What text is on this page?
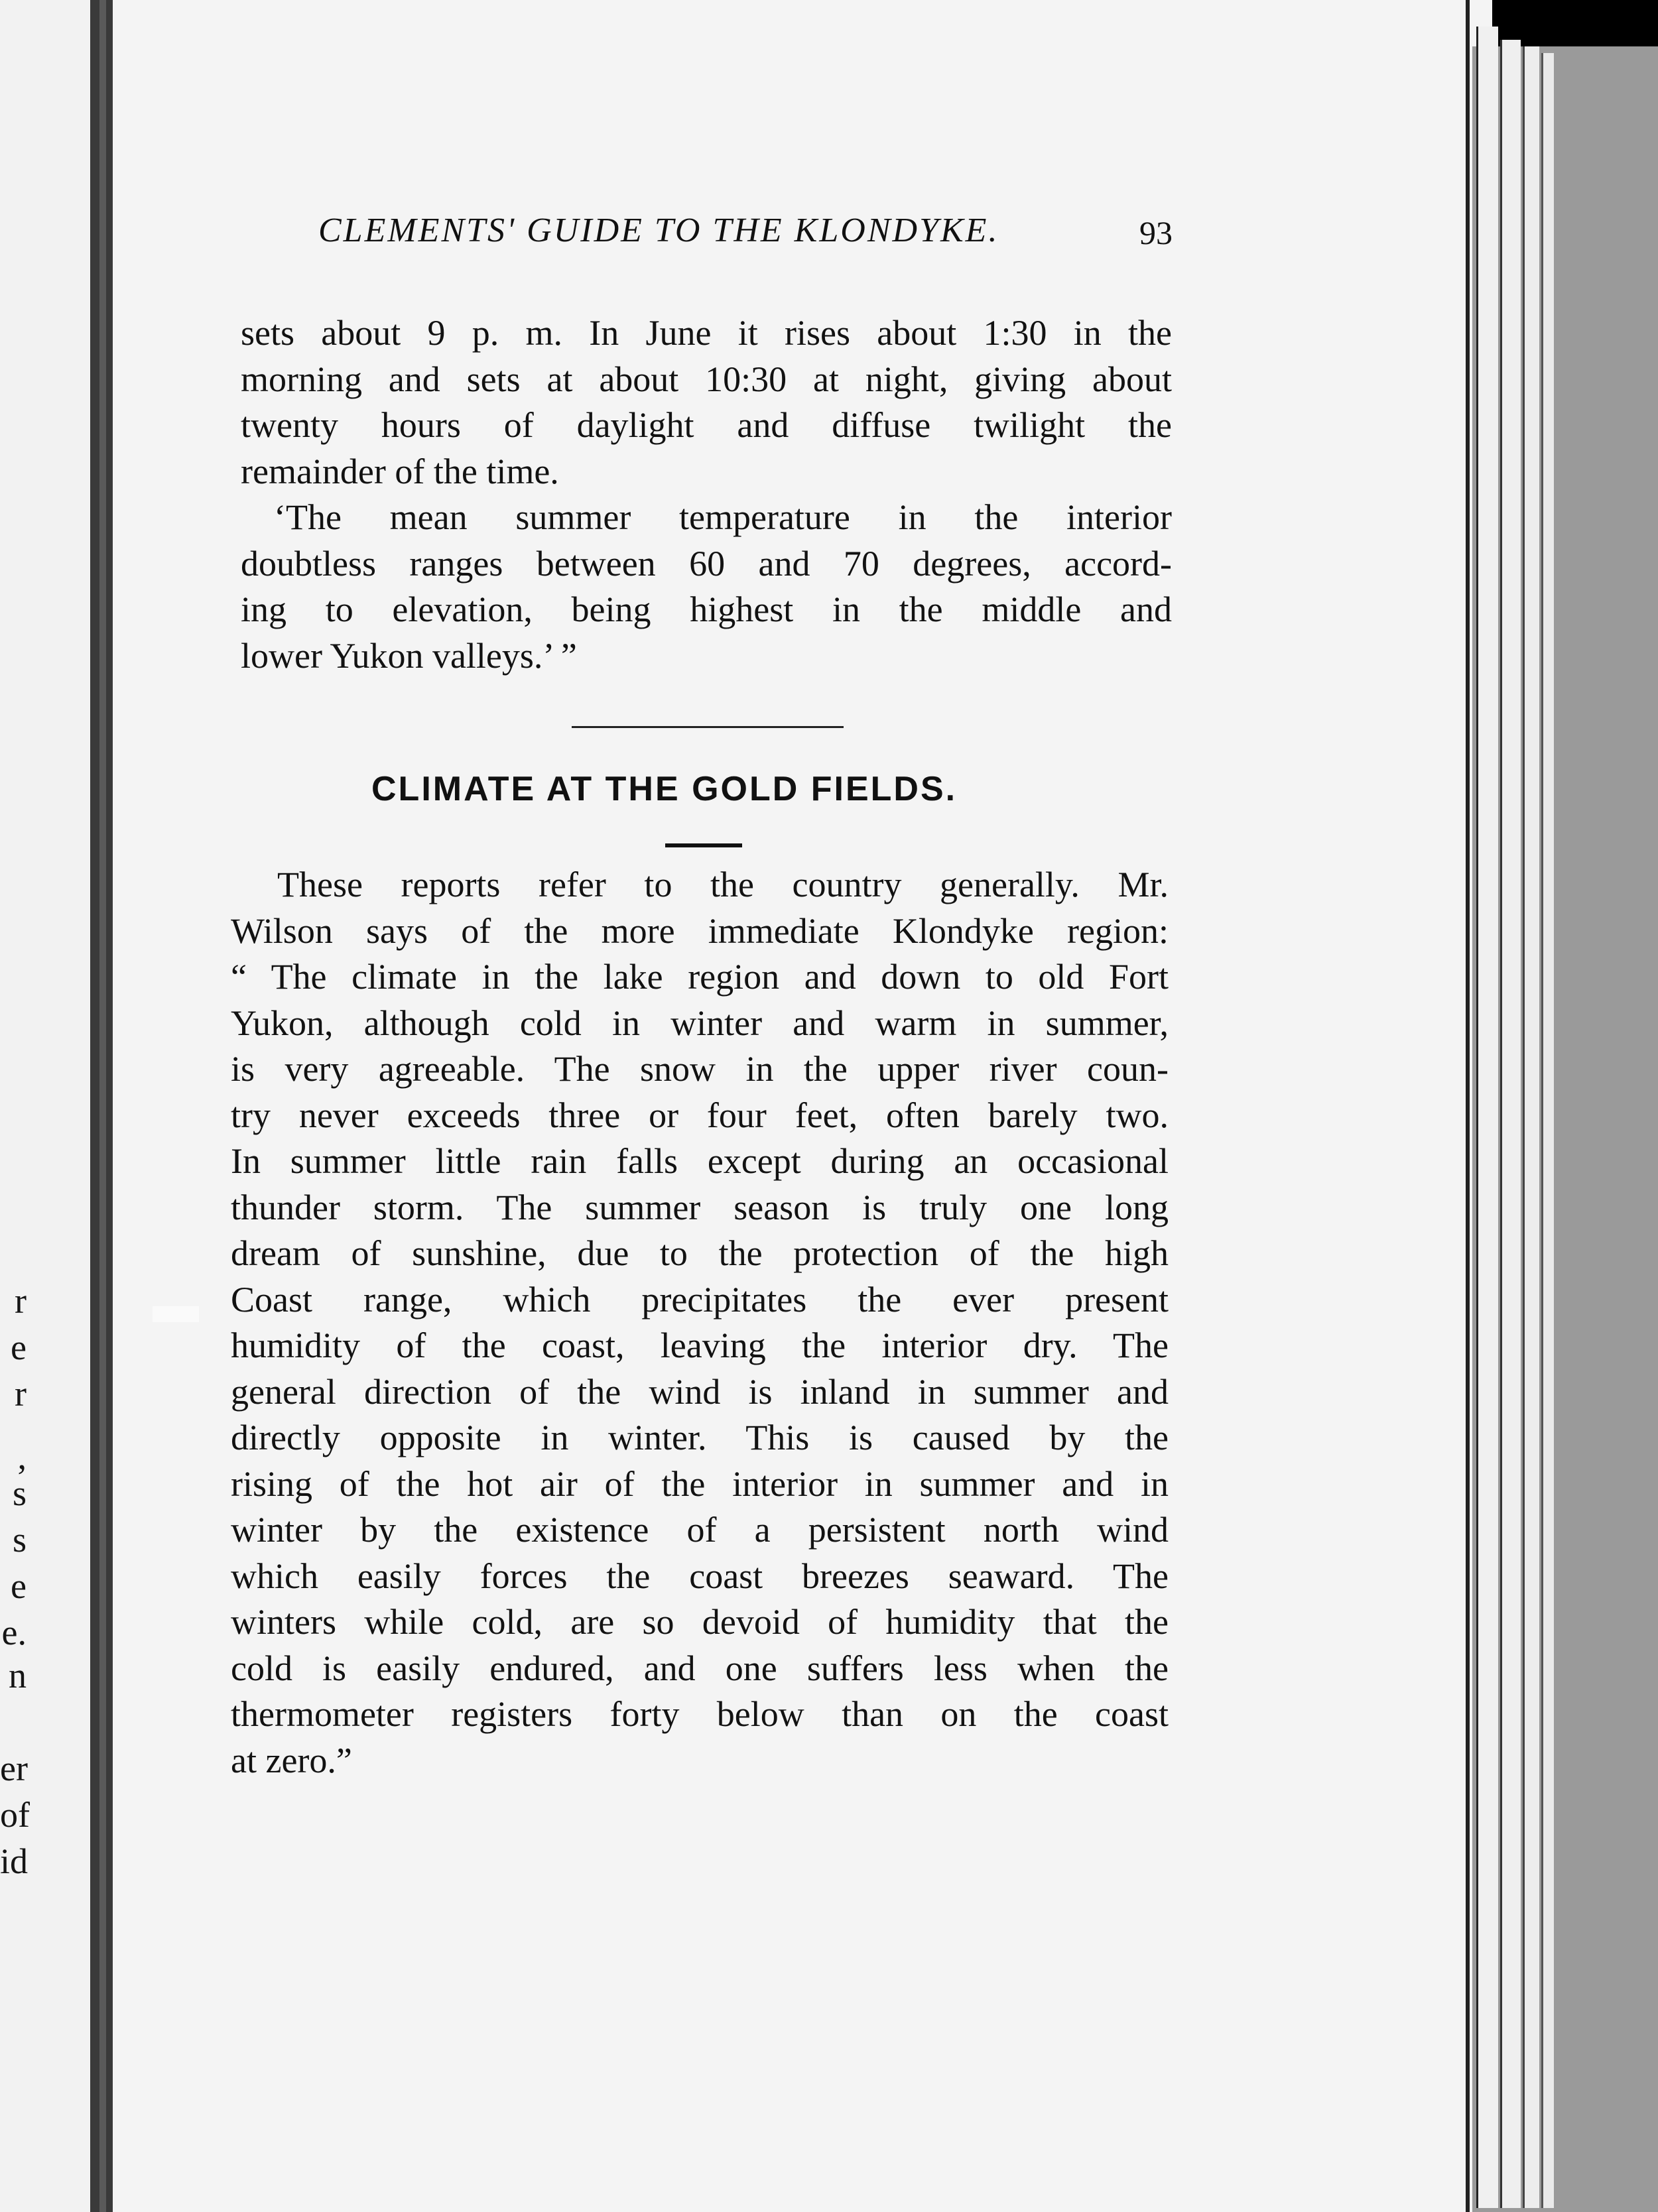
r
e
r
,
s
s
e
e.
n
er
of
id
CLEMENTS' GUIDE TO THE KLONDYKE.	93
sets about 9 p. m. In June it rises about 1:30 in the
morning and sets at about 10:30 at night, giving about
twenty hours of daylight and diffuse twilight the
remainder of the time.
‘The mean summer temperature in the interior
doubtless ranges between 60 and 70 degrees, accord-
ing to elevation, being highest in the middle and
lower Yukon valleys.’ ”
CLIMATE AT THE GOLD FIELDS.
These reports refer to the country generally. Mr.
Wilson says of the more immediate Klondyke region:
“ The climate in the lake region and down to old Fort
Yukon, although cold in winter and warm in summer,
is very agreeable. The snow in the upper river coun-
try never exceeds three or four feet, often barely two.
In summer little rain falls except during an occasional
thunder storm. The summer season is truly one long
dream of sunshine, due to the protection of the high
Coast range, which precipitates the ever present
humidity of the coast, leaving the interior dry. The
general direction of the wind is inland in summer and
directly opposite in winter. This is caused by the
rising of the hot air of the interior in summer and in
winter by the existence of a persistent north wind
which easily forces the coast breezes seaward. The
winters while cold, are so devoid of humidity that the
cold is easily endured, and one suffers less when the
thermometer registers forty below than on the coast
at zero.”
